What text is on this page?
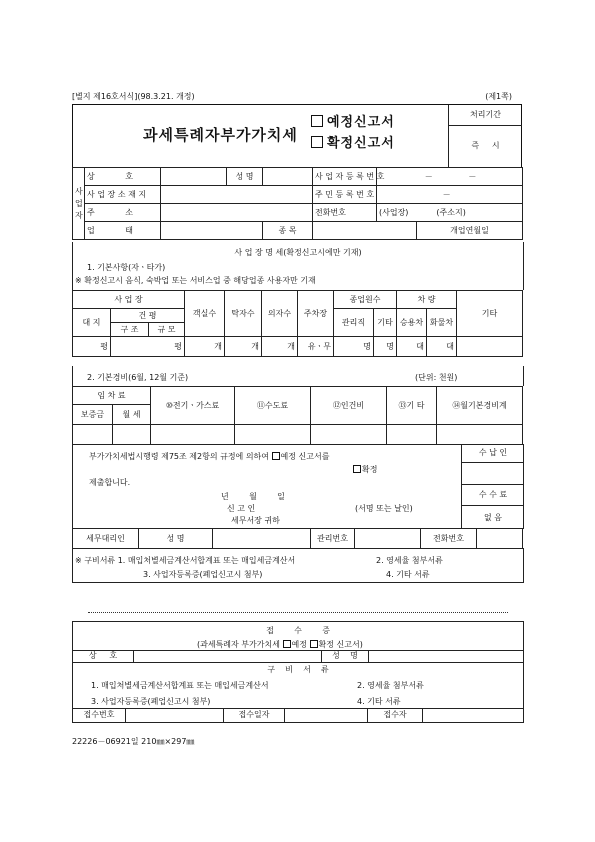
[별지 제16호서식](98.3.21. 개정)	(제1쪽)
과세특례자부가가치세
예정신고서
확정신고서
처리기간
즉     시
사
업
자	상            호		성 명		사 업 자 등 록 번 호	－              －		
	사 업 장 소 재 지				주 민 등 록 번 호	－		
	주            소				전화번호	(사업장) (주소지)		
	업            태			종 목			개업연월일	
사 업 장 명 세(확정신고시에만 기재)
1. 기본사항(자ㆍ타가)
※ 확정신고시 음식, 숙박업 또는 서비스업 중 해당업종 사용자만 기재
사 업 장			객실수	탁자수	의자수	주차장	종업원수		차 량		기타
대 지	건 평						관리직	기타	승용차	화물차	
	구 조	규 모									
평	평		개	개	개	유ㆍ무	명	명	대	대	
2. 기본경비(6월, 12월 기준)	(단위: 천원)
임 차 료		⑩전기ㆍ가스료	⑪수도료	⑫인건비	⑬기 타	⑭월기본경비계
보증금	월 세					

부가가치세법시행령 제75조 제2항의 규정에 의하여 예정 신고서를
확정
제출합니다.
년        월        일
신 고 인	(서명 또는 날인)
세무서장 귀하
수 납 인
수 수 료
없 음
세무대리인	성 명		관리번호		전화번호	
※ 구비서류 1. 매입처별세금계산서합계표 또는 매입세금계산서	2. 영세율 첨부서류
3. 사업자등록증(폐업신고시 첨부)	4. 기타 서류
접        수        증
(과세특례자 부가가치세 예정 확정 신고서)
상     호	성    명
구    비    서    류
1. 매입처별세금계산서합계표 또는 매입세금계산서	2. 영세율 첨부서류
3. 사업자등록증(폐업신고시 첨부)	4. 기타 서류
접수번호	접수일자	접수자
22226－06921일 210㎜×297㎜
